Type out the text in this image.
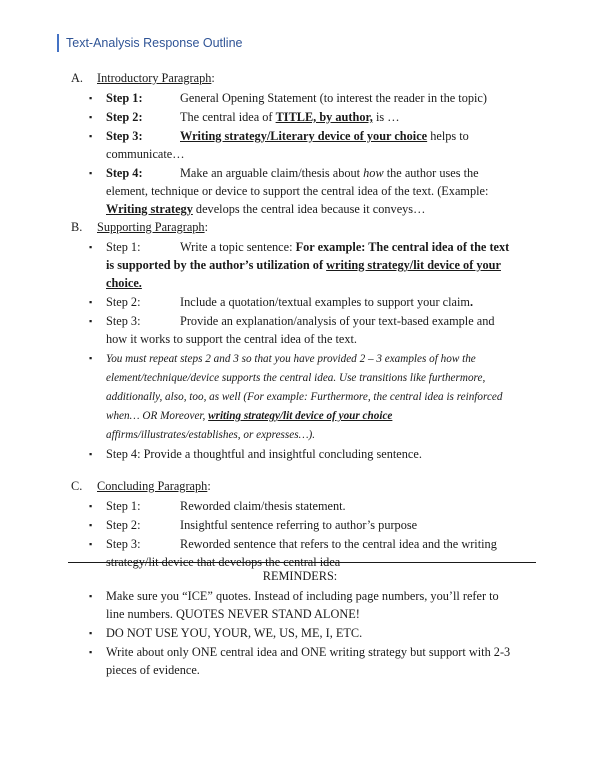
Text-Analysis Response Outline
A. Introductory Paragraph:
▪ Step 1:	General Opening Statement (to interest the reader in the topic)
▪ Step 2:	The central idea of TITLE, by author, is …
▪ Step 3:	Writing strategy/Literary device of your choice helps to communicate…
▪ Step 4:	Make an arguable claim/thesis about how the author uses the element, technique or device to support the central idea of the text. (Example: Writing strategy develops the central idea because it conveys…
B. Supporting Paragraph:
▪ Step 1:	Write a topic sentence: For example: The central idea of the text is supported by the author’s utilization of writing strategy/lit device of your choice.
▪ Step 2:	Include a quotation/textual examples to support your claim.
▪ Step 3:	Provide an explanation/analysis of your text-based example and how it works to support the central idea of the text.
▪ You must repeat steps 2 and 3 so that you have provided 2 – 3 examples of how the element/technique/device supports the central idea. Use transitions like furthermore, additionally, also, too, as well (For example: Furthermore, the central idea is reinforced when… OR Moreover, writing strategy/lit device of your choice affirms/illustrates/establishes, or expresses…).
▪ Step 4: Provide a thoughtful and insightful concluding sentence.
C. Concluding Paragraph:
▪ Step 1:	Reworded claim/thesis statement.
▪ Step 2:	Insightful sentence referring to author’s purpose
▪ Step 3:	Reworded sentence that refers to the central idea and the writing strategy/lit device that develops the central idea
REMINDERS:
▪ Make sure you “ICE” quotes. Instead of including page numbers, you’ll refer to line numbers. QUOTES NEVER STAND ALONE!
▪ DO NOT USE YOU, YOUR, WE, US, ME, I, ETC.
▪ Write about only ONE central idea and ONE writing strategy but support with 2-3 pieces of evidence.
